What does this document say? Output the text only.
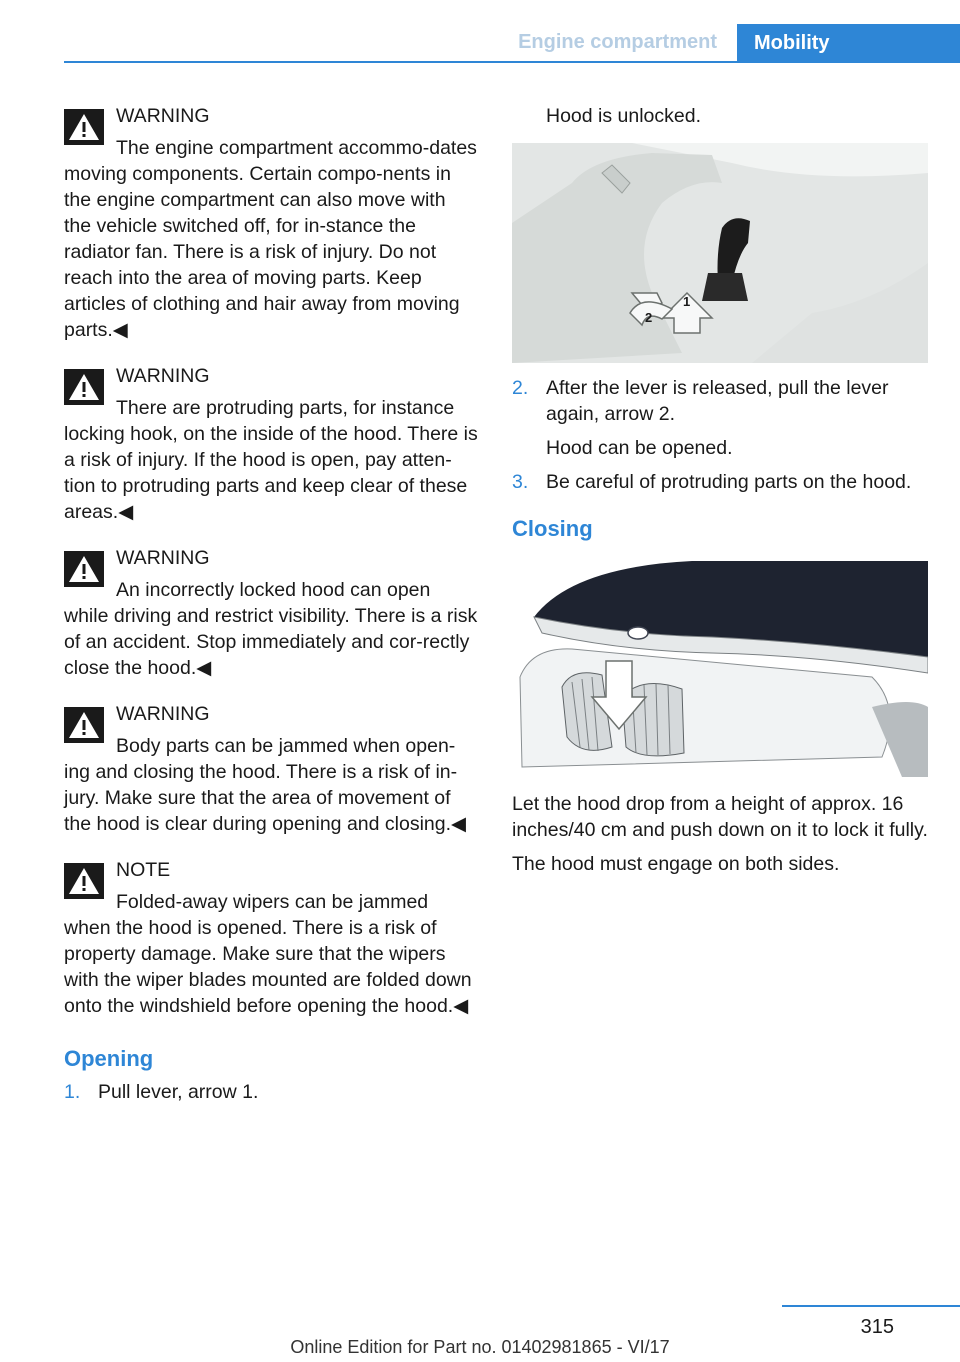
Engine compartment	Mobility
WARNING
The engine compartment accommo-dates moving components. Certain compo-nents in the engine compartment can also move with the vehicle switched off, for in-stance the radiator fan. There is a risk of injury. Do not reach into the area of moving parts. Keep articles of clothing and hair away from moving parts.◀
WARNING
There are protruding parts, for instance locking hook, on the inside of the hood. There is a risk of injury. If the hood is open, pay atten-tion to protruding parts and keep clear of these areas.◀
WARNING
An incorrectly locked hood can open while driving and restrict visibility. There is a risk of an accident. Stop immediately and cor-rectly close the hood.◀
WARNING
Body parts can be jammed when open-ing and closing the hood. There is a risk of in-jury. Make sure that the area of movement of the hood is clear during opening and closing.◀
NOTE
Folded-away wipers can be jammed when the hood is opened. There is a risk of property damage. Make sure that the wipers with the wiper blades mounted are folded down onto the windshield before opening the hood.◀
Opening
1. Pull lever, arrow 1.
Hood is unlocked.
1
2
2. After the lever is released, pull the lever again, arrow 2.
Hood can be opened.
3. Be careful of protruding parts on the hood.
Closing

Let the hood drop from a height of approx. 16 inches/40 cm and push down on it to lock it fully.

The hood must engage on both sides.

315
Online Edition for Part no. 01402981865 - VI/17
